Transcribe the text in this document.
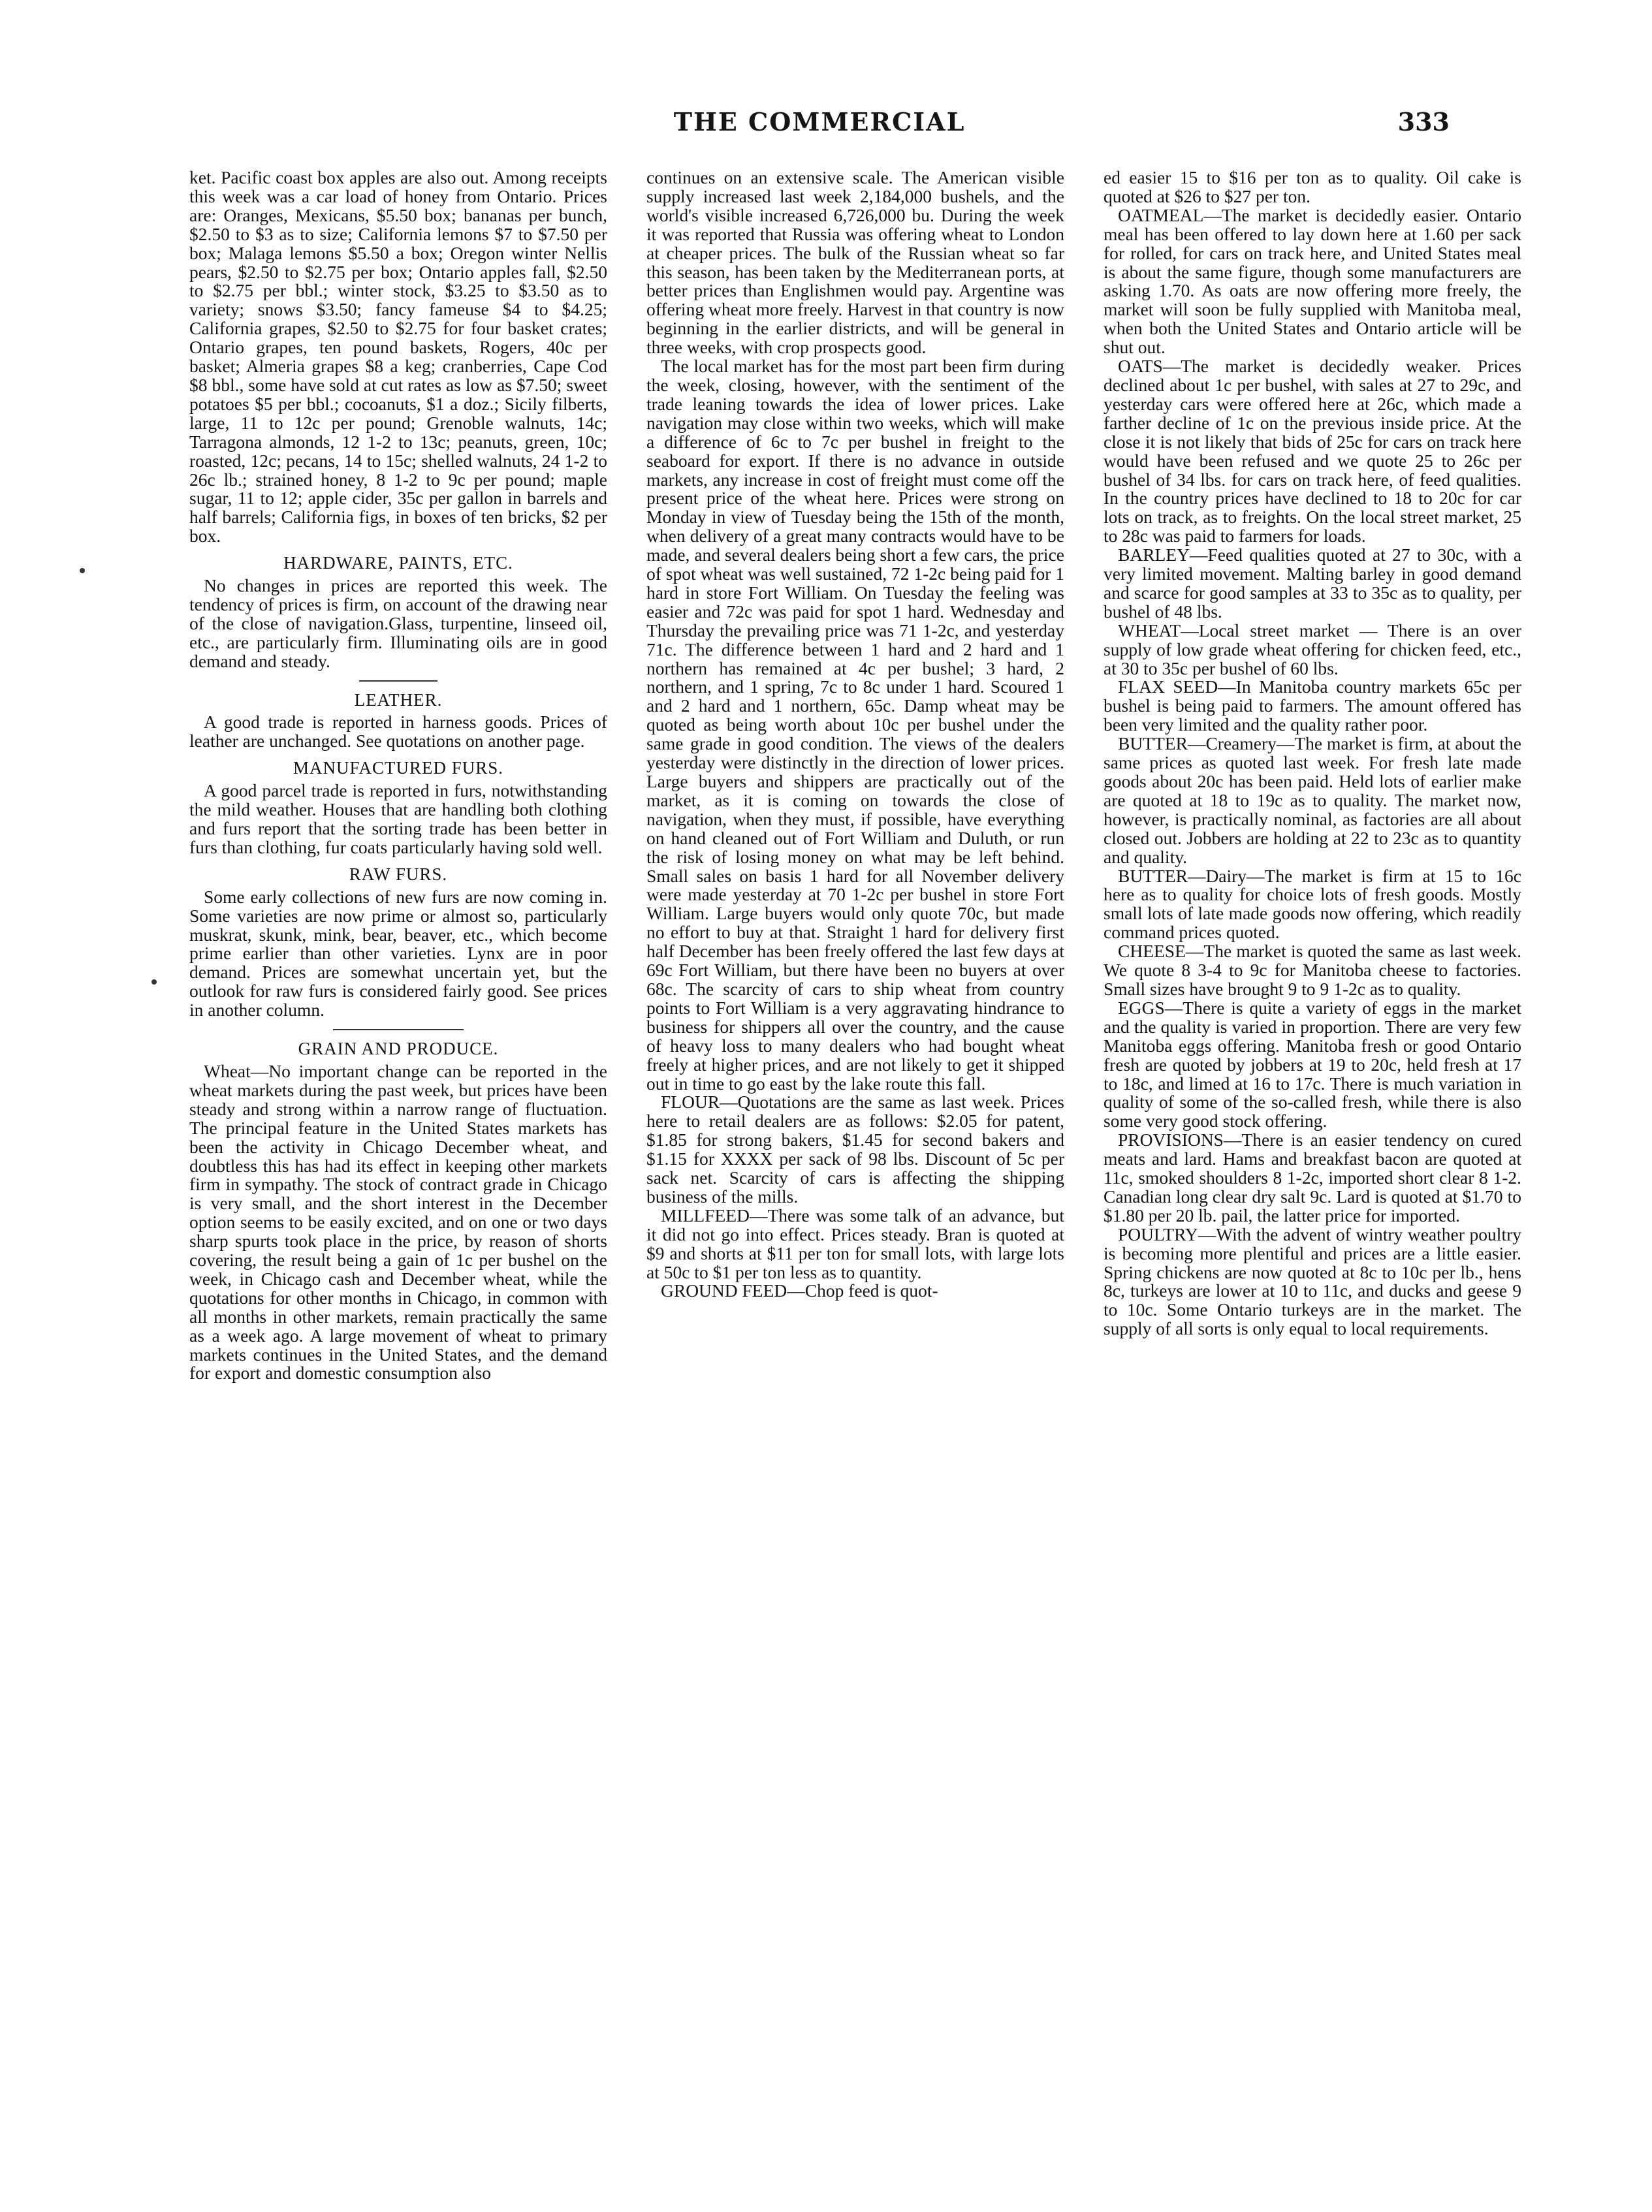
THE COMMERCIAL	333

ket. Pacific coast box apples are also out. Among receipts this week was a car load of honey from Ontario. Prices are: Oranges, Mexicans, $5.50 box; bananas per bunch, $2.50 to $3 as to size; California lemons $7 to $7.50 per box; Malaga lemons $5.50 a box; Oregon winter Nellis pears, $2.50 to $2.75 per box; Ontario apples fall, $2.50 to $2.75 per bbl.; winter stock, $3.25 to $3.50 as to variety; snows $3.50; fancy fameuse $4 to $4.25; California grapes, $2.50 to $2.75 for four basket crates; Ontario grapes, ten pound baskets, Rogers, 40c per basket; Almeria grapes $8 a keg; cranberries, Cape Cod $8 bbl., some have sold at cut rates as low as $7.50; sweet potatoes $5 per bbl.; cocoanuts, $1 a doz.; Sicily filberts, large, 11 to 12c per pound; Grenoble walnuts, 14c; Tarragona almonds, 12 1-2 to 13c; peanuts, green, 10c; roasted, 12c; pecans, 14 to 15c; shelled walnuts, 24 1-2 to 26c lb.; strained honey, 8 1-2 to 9c per pound; maple sugar, 11 to 12; apple cider, 35c per gallon in barrels and half barrels; California figs, in boxes of ten bricks, $2 per box.

HARDWARE, PAINTS, ETC.

No changes in prices are reported this week. The tendency of prices is firm, on account of the drawing near of the close of navigation.Glass, turpentine, linseed oil, etc., are particularly firm. Illuminating oils are in good demand and steady.

LEATHER.

A good trade is reported in harness goods. Prices of leather are unchanged. See quotations on another page.

MANUFACTURED FURS.

A good parcel trade is reported in furs, notwithstanding the mild weather. Houses that are handling both clothing and furs report that the sorting trade has been better in furs than clothing, fur coats particularly having sold well.

RAW FURS.

Some early collections of new furs are now coming in. Some varieties are now prime or almost so, particularly muskrat, skunk, mink, bear, beaver, etc., which become prime earlier than other varieties. Lynx are in poor demand. Prices are somewhat uncertain yet, but the outlook for raw furs is considered fairly good. See prices in another column.

GRAIN AND PRODUCE.

Wheat—No important change can be reported in the wheat markets during the past week, but prices have been steady and strong within a narrow range of fluctuation. The principal feature in the United States markets has been the activity in Chicago December wheat, and doubtless this has had its effect in keeping other markets firm in sympathy. The stock of contract grade in Chicago is very small, and the short interest in the December option seems to be easily excited, and on one or two days sharp spurts took place in the price, by reason of shorts covering, the result being a gain of 1c per bushel on the week, in Chicago cash and December wheat, while the quotations for other months in Chicago, in common with all months in other markets, remain practically the same as a week ago. A large movement of wheat to primary markets continues in the United States, and the demand for export and domestic consumption also

continues on an extensive scale. The American visible supply increased last week 2,184,000 bushels, and the world's visible increased 6,726,000 bu. During the week it was reported that Russia was offering wheat to London at cheaper prices. The bulk of the Russian wheat so far this season, has been taken by the Mediterranean ports, at better prices than Englishmen would pay. Argentine was offering wheat more freely. Harvest in that country is now beginning in the earlier districts, and will be general in three weeks, with crop prospects good.

The local market has for the most part been firm during the week, closing, however, with the sentiment of the trade leaning towards the idea of lower prices. Lake navigation may close within two weeks, which will make a difference of 6c to 7c per bushel in freight to the seaboard for export. If there is no advance in outside markets, any increase in cost of freight must come off the present price of the wheat here. Prices were strong on Monday in view of Tuesday being the 15th of the month, when delivery of a great many contracts would have to be made, and several dealers being short a few cars, the price of spot wheat was well sustained, 72 1-2c being paid for 1 hard in store Fort William. On Tuesday the feeling was easier and 72c was paid for spot 1 hard. Wednesday and Thursday the prevailing price was 71 1-2c, and yesterday 71c. The difference between 1 hard and 2 hard and 1 northern has remained at 4c per bushel; 3 hard, 2 northern, and 1 spring, 7c to 8c under 1 hard. Scoured 1 and 2 hard and 1 northern, 65c. Damp wheat may be quoted as being worth about 10c per bushel under the same grade in good condition. The views of the dealers yesterday were distinctly in the direction of lower prices. Large buyers and shippers are practically out of the market, as it is coming on towards the close of navigation, when they must, if possible, have everything on hand cleaned out of Fort William and Duluth, or run the risk of losing money on what may be left behind. Small sales on basis 1 hard for all November delivery were made yesterday at 70 1-2c per bushel in store Fort William. Large buyers would only quote 70c, but made no effort to buy at that. Straight 1 hard for delivery first half December has been freely offered the last few days at 69c Fort William, but there have been no buyers at over 68c. The scarcity of cars to ship wheat from country points to Fort William is a very aggravating hindrance to business for shippers all over the country, and the cause of heavy loss to many dealers who had bought wheat freely at higher prices, and are not likely to get it shipped out in time to go east by the lake route this fall.

FLOUR—Quotations are the same as last week. Prices here to retail dealers are as follows: $2.05 for patent, $1.85 for strong bakers, $1.45 for second bakers and $1.15 for XXXX per sack of 98 lbs. Discount of 5c per sack net. Scarcity of cars is affecting the shipping business of the mills.

MILLFEED—There was some talk of an advance, but it did not go into effect. Prices steady. Bran is quoted at $9 and shorts at $11 per ton for small lots, with large lots at 50c to $1 per ton less as to quantity.

GROUND FEED—Chop feed is quot-

ed easier 15 to $16 per ton as to quality. Oil cake is quoted at $26 to $27 per ton.

OATMEAL—The market is decidedly easier. Ontario meal has been offered to lay down here at 1.60 per sack for rolled, for cars on track here, and United States meal is about the same figure, though some manufacturers are asking 1.70. As oats are now offering more freely, the market will soon be fully supplied with Manitoba meal, when both the United States and Ontario article will be shut out.

OATS—The market is decidedly weaker. Prices declined about 1c per bushel, with sales at 27 to 29c, and yesterday cars were offered here at 26c, which made a farther decline of 1c on the previous inside price. At the close it is not likely that bids of 25c for cars on track here would have been refused and we quote 25 to 26c per bushel of 34 lbs. for cars on track here, of feed qualities. In the country prices have declined to 18 to 20c for car lots on track, as to freights. On the local street market, 25 to 28c was paid to farmers for loads.

BARLEY—Feed qualities quoted at 27 to 30c, with a very limited movement. Malting barley in good demand and scarce for good samples at 33 to 35c as to quality, per bushel of 48 lbs.

WHEAT—Local street market — There is an over supply of low grade wheat offering for chicken feed, etc., at 30 to 35c per bushel of 60 lbs.

FLAX SEED—In Manitoba country markets 65c per bushel is being paid to farmers. The amount offered has been very limited and the quality rather poor.

BUTTER—Creamery—The market is firm, at about the same prices as quoted last week. For fresh late made goods about 20c has been paid. Held lots of earlier make are quoted at 18 to 19c as to quality. The market now, however, is practically nominal, as factories are all about closed out. Jobbers are holding at 22 to 23c as to quantity and quality.

BUTTER—Dairy—The market is firm at 15 to 16c here as to quality for choice lots of fresh goods. Mostly small lots of late made goods now offering, which readily command prices quoted.

CHEESE—The market is quoted the same as last week. We quote 8 3-4 to 9c for Manitoba cheese to factories. Small sizes have brought 9 to 9 1-2c as to quality.

EGGS—There is quite a variety of eggs in the market and the quality is varied in proportion. There are very few Manitoba eggs offering. Manitoba fresh or good Ontario fresh are quoted by jobbers at 19 to 20c, held fresh at 17 to 18c, and limed at 16 to 17c. There is much variation in quality of some of the so-called fresh, while there is also some very good stock offering.

PROVISIONS—There is an easier tendency on cured meats and lard. Hams and breakfast bacon are quoted at 11c, smoked shoulders 8 1-2c, imported short clear 8 1-2. Canadian long clear dry salt 9c. Lard is quoted at $1.70 to $1.80 per 20 lb. pail, the latter price for imported.

POULTRY—With the advent of wintry weather poultry is becoming more plentiful and prices are a little easier. Spring chickens are now quoted at 8c to 10c per lb., hens 8c, turkeys are lower at 10 to 11c, and ducks and geese 9 to 10c. Some Ontario turkeys are in the market. The supply of all sorts is only equal to local requirements.
